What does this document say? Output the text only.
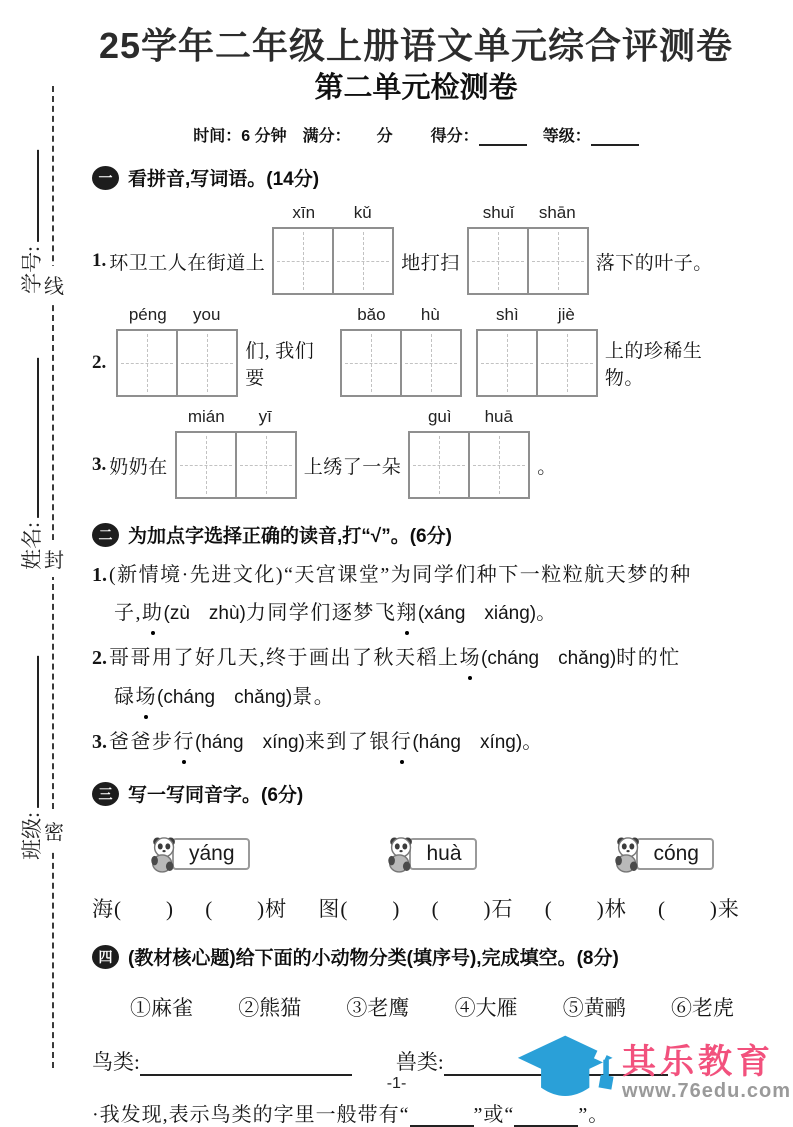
线
封
密
学号:
姓名:
班级:
25学年二年级上册语文单元综合评测卷
第二单元检测卷
时间：6 分钟 满分： 分 得分：	等级：
一 看拼音,写词语。(14分)
1. 环卫工人在街道上
xīn	kǔ
地打扫
shuǐ	shān
落下的叶子。
2.
péng	you
们, 我们要
bǎo	hù	shì	jiè
上的珍稀生物。
3. 奶奶在
mián	yī
上绣了一朵
guì	huā
。
二 为加点字选择正确的读音,打“√”。(6分)
1. (新情境·先进文化)“天宫课堂”为同学们种下一粒粒航天梦的种
子,助(zù zhù)力同学们逐梦飞翔(xáng xiáng)。
2. 哥哥用了好几天,终于画出了秋天稻上场(cháng chǎng)时的忙
碌场(cháng chǎng)景。
3. 爸爸步行(háng xíng)来到了银行(háng xíng)。
三 写一写同音字。(6分)
yáng	huà	cóng
海(　　) (　　)树 图(　　) (　　)石 (　　)林 (　　)来
四 (教材核心题)给下面的小动物分类(填序号),完成填空。(8分)
①麻雀 ②熊猫 ③老鹰 ④大雁 ⑤黄鹂 ⑥老虎
鸟类:	兽类:
·我发现,表示鸟类的字里一般带有“	”或“	”。
-1-
其乐教育
www.76edu.com
